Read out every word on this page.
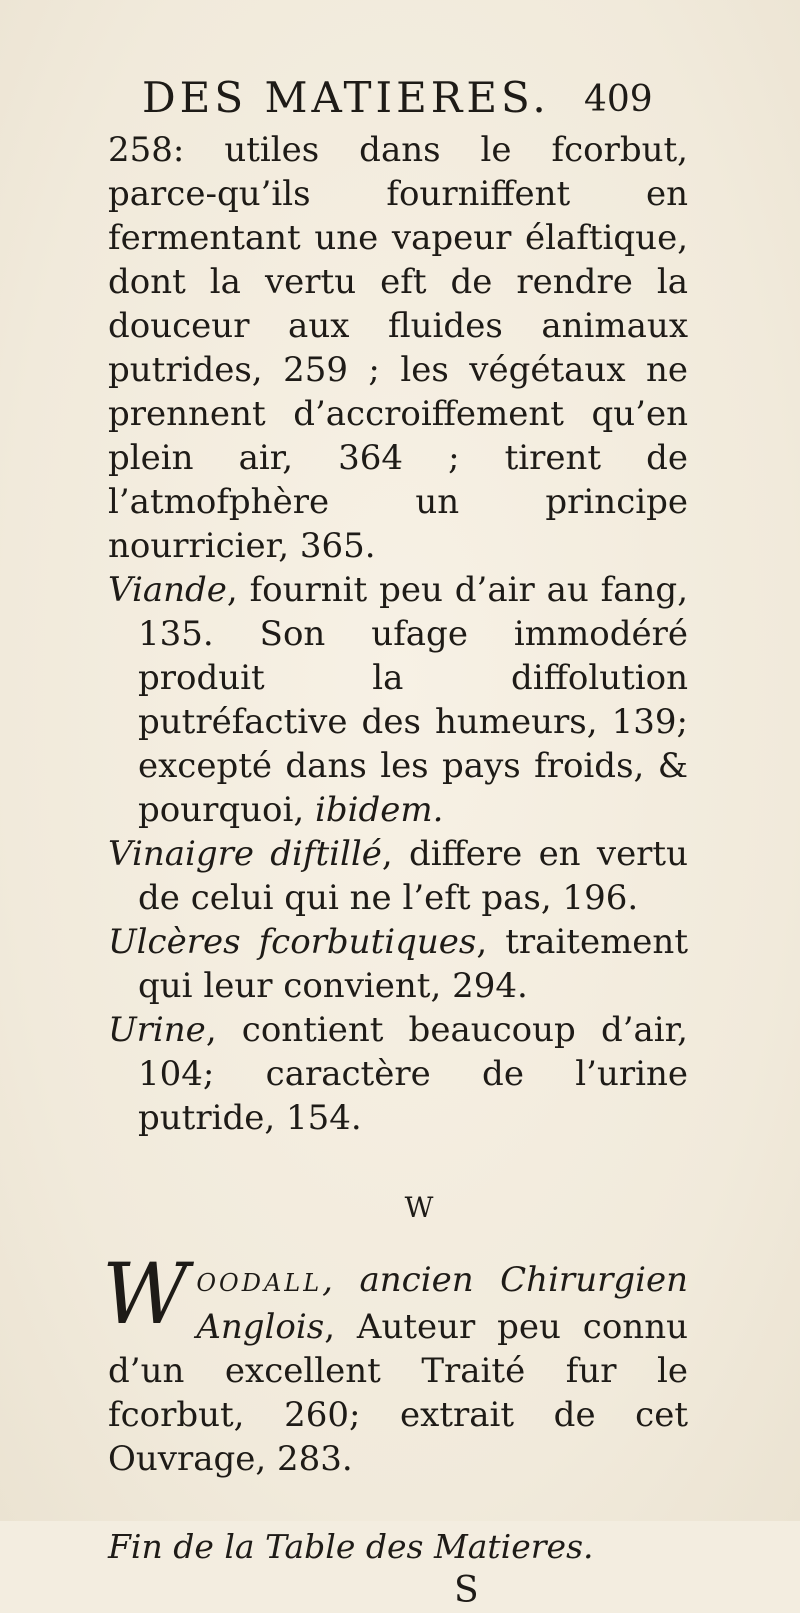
DES MATIERES. 409

258: utiles dans le fcorbut, parce-qu’ils fourniffent en fermentant une vapeur élaftique, dont la vertu eft de rendre la douceur aux fluides animaux putrides, 259 ; les végétaux ne prennent d’accroiffement qu’en plein air, 364 ; tirent de l’atmofphère un principe nourricier, 365.

Viande, fournit peu d’air au fang, 135. Son ufage immodéré produit la diffolution putréfactive des humeurs, 139; excepté dans les pays froids, & pourquoi, ibidem.

Vinaigre diftillé, differe en vertu de celui qui ne l’eft pas, 196.

Ulcères fcorbutiques, traitement qui leur convient, 294.

Urine, contient beaucoup d’air, 104; caractère de l’urine putride, 154.

W

WOODALL, ancien Chirurgien Anglois, Auteur peu connu d’un excellent Traité fur le fcorbut, 260; extrait de cet Ouvrage, 283.

Fin de la Table des Matieres.

S
